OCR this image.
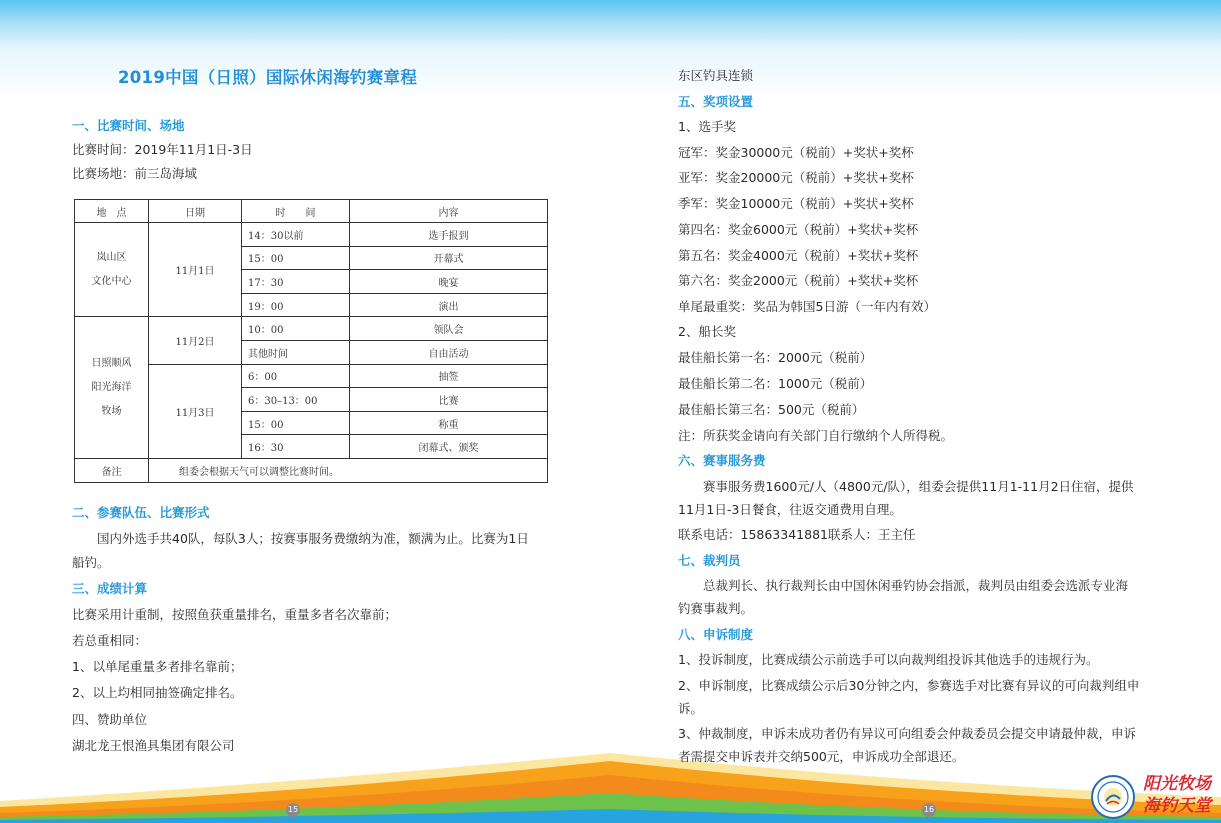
2019中国（日照）国际休闲海钓赛章程
一、比赛时间、场地
比赛时间：2019年11月1日-3日
比赛场地：前三岛海域
地　点	日期	时　　间	内容

岚山区
文化中心	11月1日	14：30以前	选手报到
		15：00	开幕式
		17：30	晚宴
		19：00	演出

日照顺风
阳光海洋
牧场	11月2日	10：00	领队会
		其他时间	自由活动
	11月3日	6：00	抽签
		6：30–13：00	比赛
		15：00	称重
		16：30	闭幕式、颁奖
备注	组委会根据天气可以调整比赛时间。		
二、参赛队伍、比赛形式
国内外选手共40队，每队3人；按赛事服务费缴纳为准，额满为止。比赛为1日
船钓。
三、成绩计算
比赛采用计重制，按照鱼获重量排名，重量多者名次靠前；
若总重相同：
1、以单尾重量多者排名靠前；
2、以上均相同抽签确定排名。
四、赞助单位
湖北龙王恨渔具集团有限公司
东区钓具连锁
五、奖项设置
1、选手奖
冠军：奖金30000元（税前）+奖状+奖杯
亚军：奖金20000元（税前）+奖状+奖杯
季军：奖金10000元（税前）+奖状+奖杯
第四名：奖金6000元（税前）+奖状+奖杯
第五名：奖金4000元（税前）+奖状+奖杯
第六名：奖金2000元（税前）+奖状+奖杯
单尾最重奖：奖品为韩国5日游（一年内有效）
2、船长奖
最佳船长第一名：2000元（税前）
最佳船长第二名：1000元（税前）
最佳船长第三名：500元（税前）
注：所获奖金请向有关部门自行缴纳个人所得税。
六、赛事服务费
赛事服务费1600元/人（4800元/队），组委会提供11月1-11月2日住宿，提供
11月1日-3日餐食，往返交通费用自理。
联系电话：15863341881联系人：王主任
七、裁判员
总裁判长、执行裁判长由中国休闲垂钓协会指派，裁判员由组委会选派专业海
钓赛事裁判。
八、申诉制度
1、投诉制度，比赛成绩公示前选手可以向裁判组投诉其他选手的违规行为。
2、申诉制度，比赛成绩公示后30分钟之内，参赛选手对比赛有异议的可向裁判组申
诉。
3、仲裁制度，申诉未成功者仍有异议可向组委会仲裁委员会提交申请最仲裁，申诉
者需提交申诉表并交纳500元，申诉成功全部退还。
15	16
阳光牧场
海钓天堂
